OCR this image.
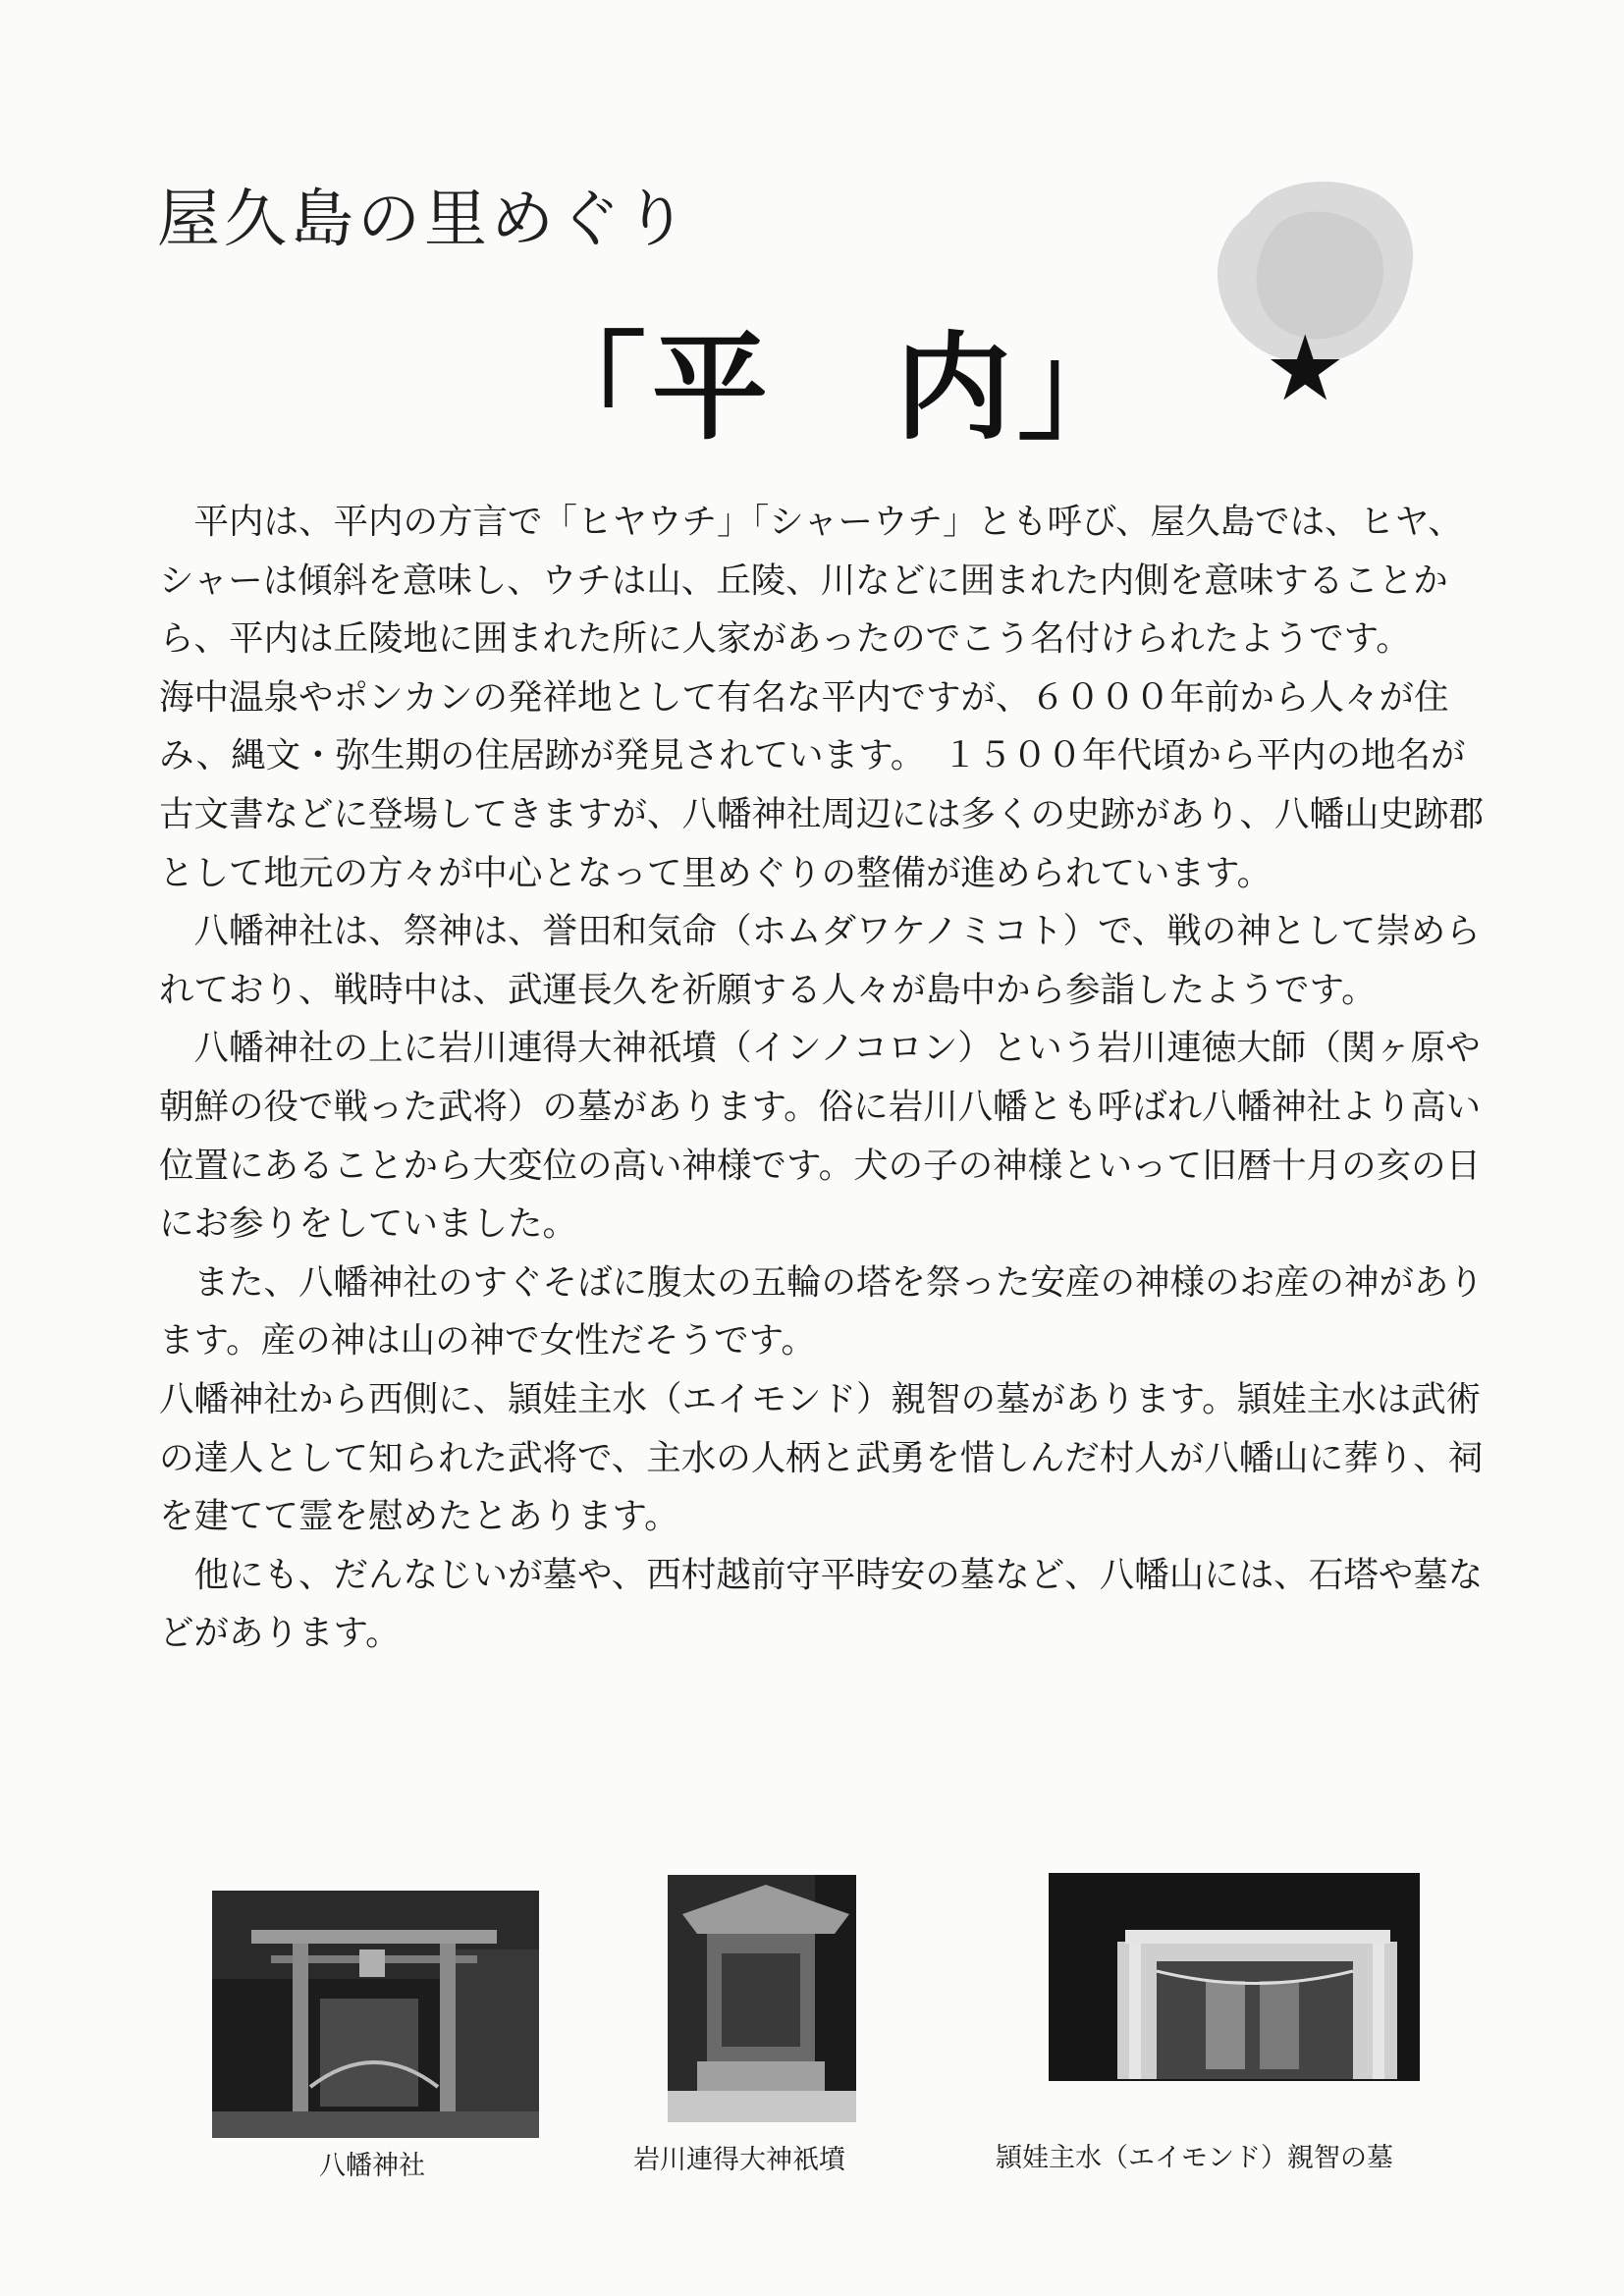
屋久島の里めぐり
「平　内」 ★

　平内は、平内の方言で「ヒヤウチ」「シャーウチ」とも呼び、屋久島では、ヒヤ、シャーは傾斜を意味し、ウチは山、丘陵、川などに囲まれた内側を意味することから、平内は丘陵地に囲まれた所に人家があったのでこう名付けられたようです。

海中温泉やポンカンの発祥地として有名な平内ですが、６０００年前から人々が住み、縄文・弥生期の住居跡が発見されています。　１５００年代頃から平内の地名が古文書などに登場してきますが、八幡神社周辺には多くの史跡があり、八幡山史跡郡として地元の方々が中心となって里めぐりの整備が進められています。

　八幡神社は、祭神は、誉田和気命（ホムダワケノミコト）で、戦の神として崇められており、戦時中は、武運長久を祈願する人々が島中から参詣したようです。

　八幡神社の上に岩川連得大神祇墳（インノコロン）という岩川連徳大師（関ヶ原や朝鮮の役で戦った武将）の墓があります。俗に岩川八幡とも呼ばれ八幡神社より高い位置にあることから大変位の高い神様です。犬の子の神様といって旧暦十月の亥の日にお参りをしていました。

　また、八幡神社のすぐそばに腹太の五輪の塔を祭った安産の神様のお産の神があります。産の神は山の神で女性だそうです。

八幡神社から西側に、頴娃主水（エイモンド）親智の墓があります。頴娃主水は武術の達人として知られた武将で、主水の人柄と武勇を惜しんだ村人が八幡山に葬り、祠を建てて霊を慰めたとあります。

　他にも、だんなじいが墓や、西村越前守平時安の墓など、八幡山には、石塔や墓などがあります。

八幡神社	岩川連得大神祇墳	頴娃主水（エイモンド）親智の墓
